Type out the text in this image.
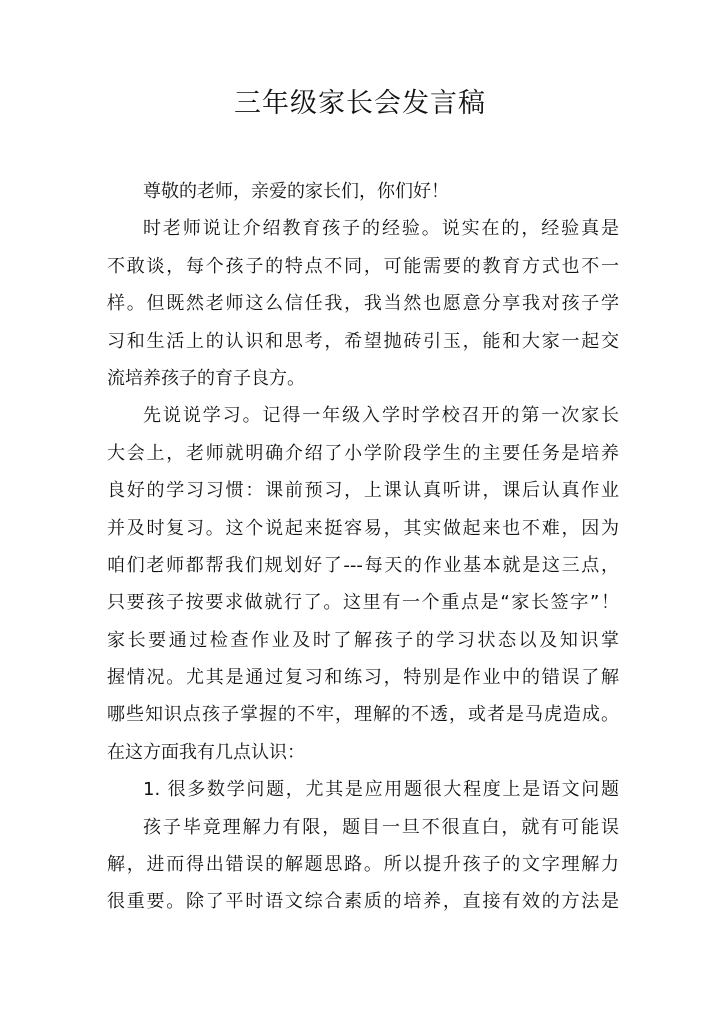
三年级家长会发言稿
尊敬的老师，亲爱的家长们，你们好！
时老师说让介绍教育孩子的经验。说实在的，经验真是
不敢谈，每个孩子的特点不同，可能需要的教育方式也不一
样。但既然老师这么信任我，我当然也愿意分享我对孩子学
习和生活上的认识和思考，希望抛砖引玉，能和大家一起交
流培养孩子的育子良方。
先说说学习。记得一年级入学时学校召开的第一次家长
大会上，老师就明确介绍了小学阶段学生的主要任务是培养
良好的学习习惯：课前预习，上课认真听讲，课后认真作业
并及时复习。这个说起来挺容易，其实做起来也不难，因为
咱们老师都帮我们规划好了---每天的作业基本就是这三点，
只要孩子按要求做就行了。这里有一个重点是“家长签字”！
家长要通过检查作业及时了解孩子的学习状态以及知识掌
握情况。尤其是通过复习和练习，特别是作业中的错误了解
哪些知识点孩子掌握的不牢，理解的不透，或者是马虎造成。
在这方面我有几点认识：
1. 很多数学问题，尤其是应用题很大程度上是语文问题
孩子毕竟理解力有限，题目一旦不很直白，就有可能误
解，进而得出错误的解题思路。所以提升孩子的文字理解力
很重要。除了平时语文综合素质的培养，直接有效的方法是
